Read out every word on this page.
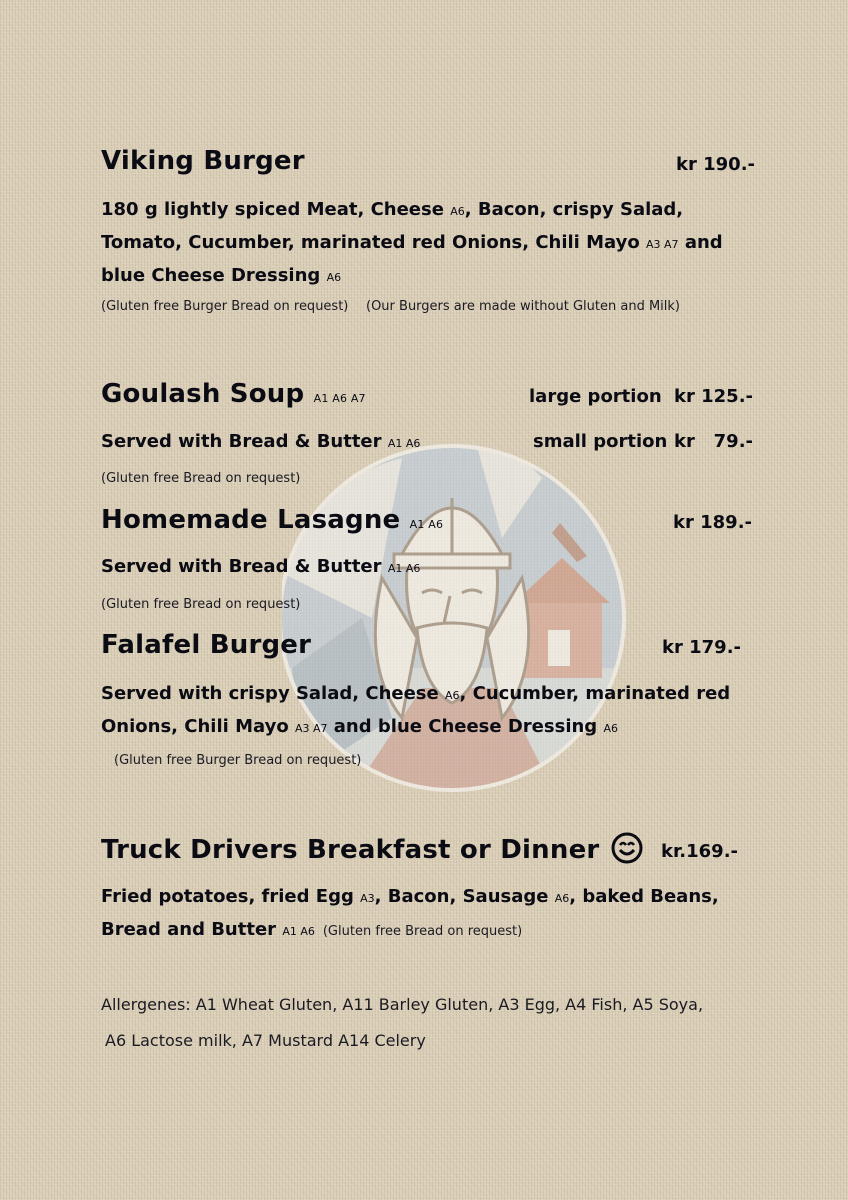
Viking Burger	kr 190.-
180 g lightly spiced Meat, Cheese A6, Bacon, crispy Salad, Tomato, Cucumber, marinated red Onions, Chili Mayo A3 A7 and blue Cheese Dressing A6
(Gluten free Burger Bread on request) (Our Burgers are made without Gluten and Milk)
Goulash Soup A1 A6 A7	large portion kr 125.-
Served with Bread & Butter A1 A6	small portion kr   79.-
(Gluten free Bread on request)
Homemade Lasagne A1 A6	kr 189.-
Served with Bread & Butter A1 A6
(Gluten free Bread on request)
Falafel Burger	kr 179.-
Served with crispy Salad, Cheese A6, Cucumber, marinated red Onions, Chili Mayo A3 A7 and blue Cheese Dressing A6
(Gluten free Burger Bread on request)
Truck Drivers Breakfast or Dinner	kr.169.-
Fried potatoes, fried Egg A3, Bacon, Sausage A6, baked Beans, Bread and Butter A1 A6 (Gluten free Bread on request)
Allergenes: A1 Wheat Gluten, A11 Barley Gluten, A3 Egg, A4 Fish, A5 Soya,
A6 Lactose milk, A7 Mustard A14 Celery
